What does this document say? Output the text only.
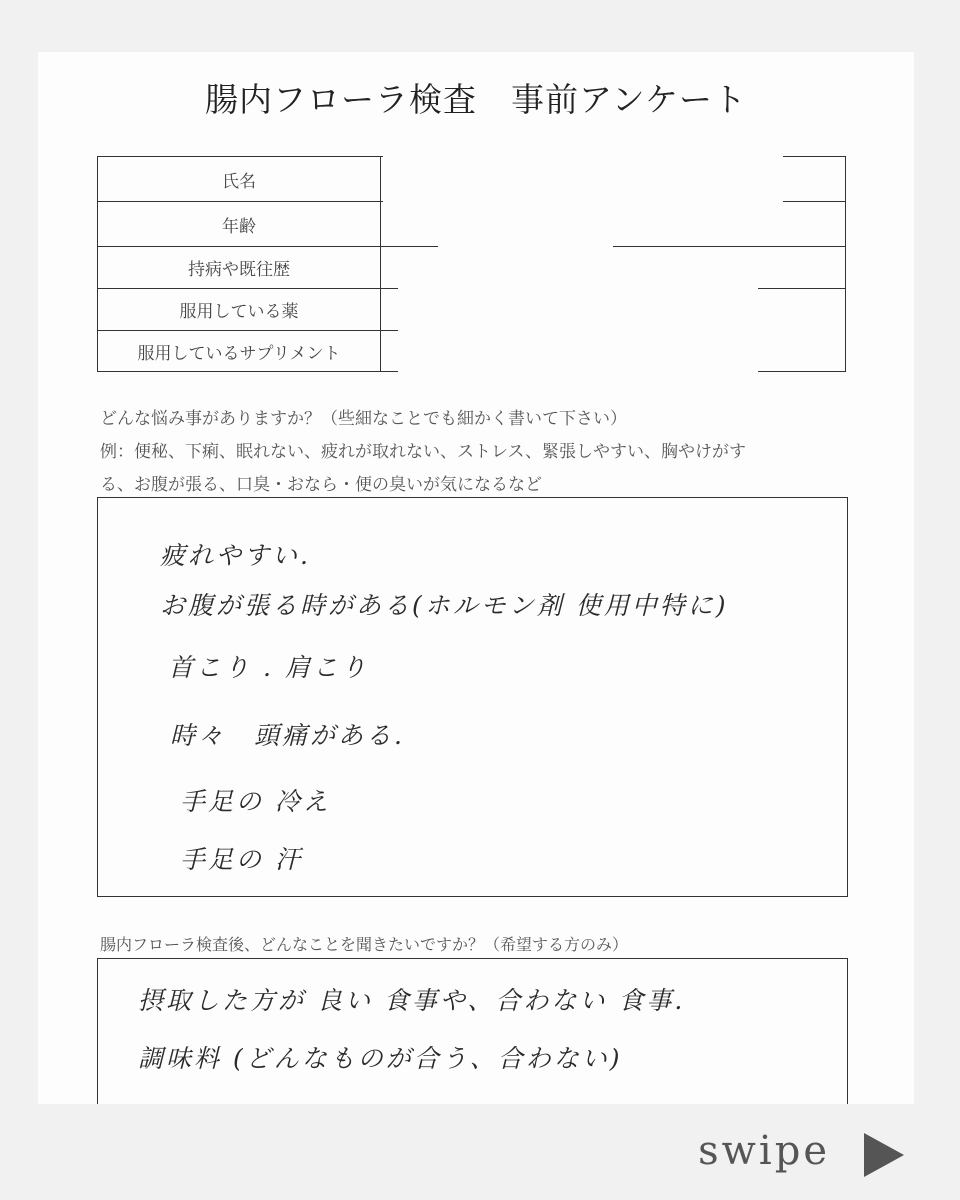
腸内フローラ検査　事前アンケート
氏名
年齢
持病や既往歴
服用している薬
服用しているサプリメント
どんな悩み事がありますか？（些細なことでも細かく書いて下さい）
例：便秘、下痢、眠れない、疲れが取れない、ストレス、緊張しやすい、胸やけがす
る、お腹が張る、口臭・おなら・便の臭いが気になるなど
疲れやすい.
お腹が張る時がある(ホルモン剤 使用中特に)
首こり . 肩こり
時々　頭痛がある.
手足の 冷え
手足の 汗
腸内フローラ検査後、どんなことを聞きたいですか？（希望する方のみ）
摂取した方が 良い 食事や、合わない 食事.
調味料 (どんなものが合う、合わない)
swipe
